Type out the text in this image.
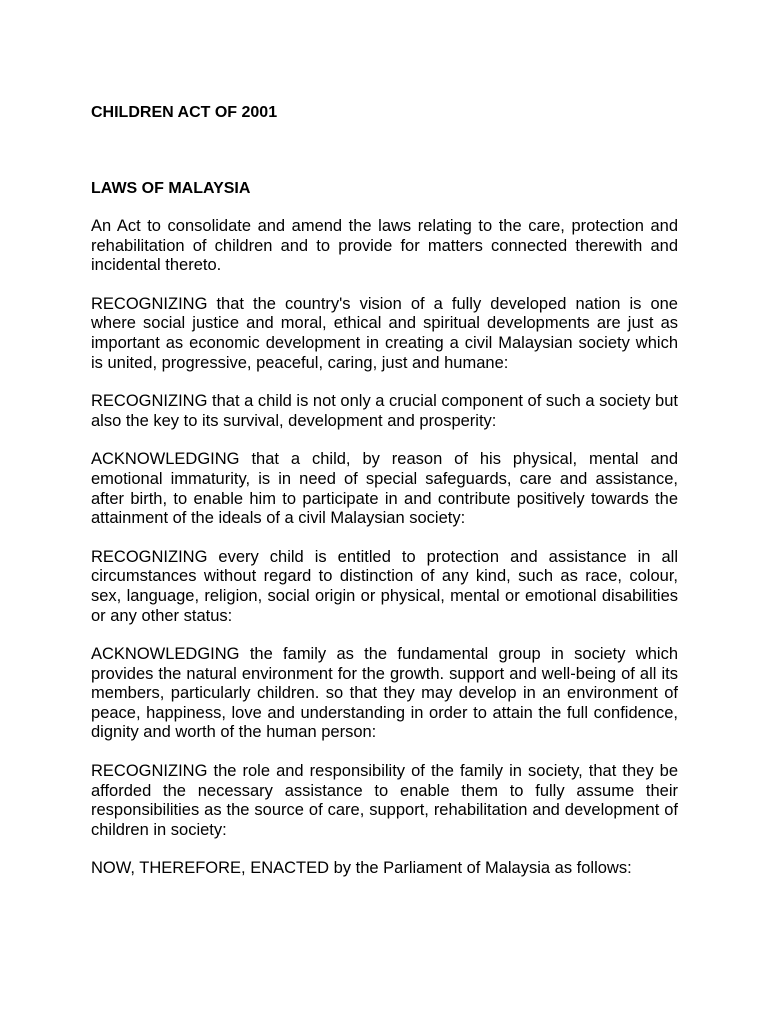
CHILDREN ACT OF 2001

LAWS OF MALAYSIA

An Act to consolidate and amend the laws relating to the care, protection and rehabilitation of children and to provide for matters connected therewith and incidental thereto.

RECOGNIZING that the country's vision of a fully developed nation is one where social justice and moral, ethical and spiritual developments are just as important as economic development in creating a civil Malaysian society which is united, progressive, peaceful, caring, just and humane:

RECOGNIZING that a child is not only a crucial component of such a society but also the key to its survival, development and prosperity:

ACKNOWLEDGING that a child, by reason of his physical, mental and emotional immaturity, is in need of special safeguards, care and assistance, after birth, to enable him to participate in and contribute positively towards the attainment of the ideals of a civil Malaysian society:

RECOGNIZING every child is entitled to protection and assistance in all circumstances without regard to distinction of any kind, such as race, colour, sex, language, religion, social origin or physical, mental or emotional disabilities or any other status:

ACKNOWLEDGING the family as the fundamental group in society which provides the natural environment for the growth. support and well-being of all its members, particularly children. so that they may develop in an environment of peace, happiness, love and understanding in order to attain the full confidence, dignity and worth of the human person:

RECOGNIZING the role and responsibility of the family in society, that they be afforded the necessary assistance to enable them to fully assume their responsibilities as the source of care, support, rehabilitation and development of children in society:

NOW, THEREFORE, ENACTED by the Parliament of Malaysia as follows:
